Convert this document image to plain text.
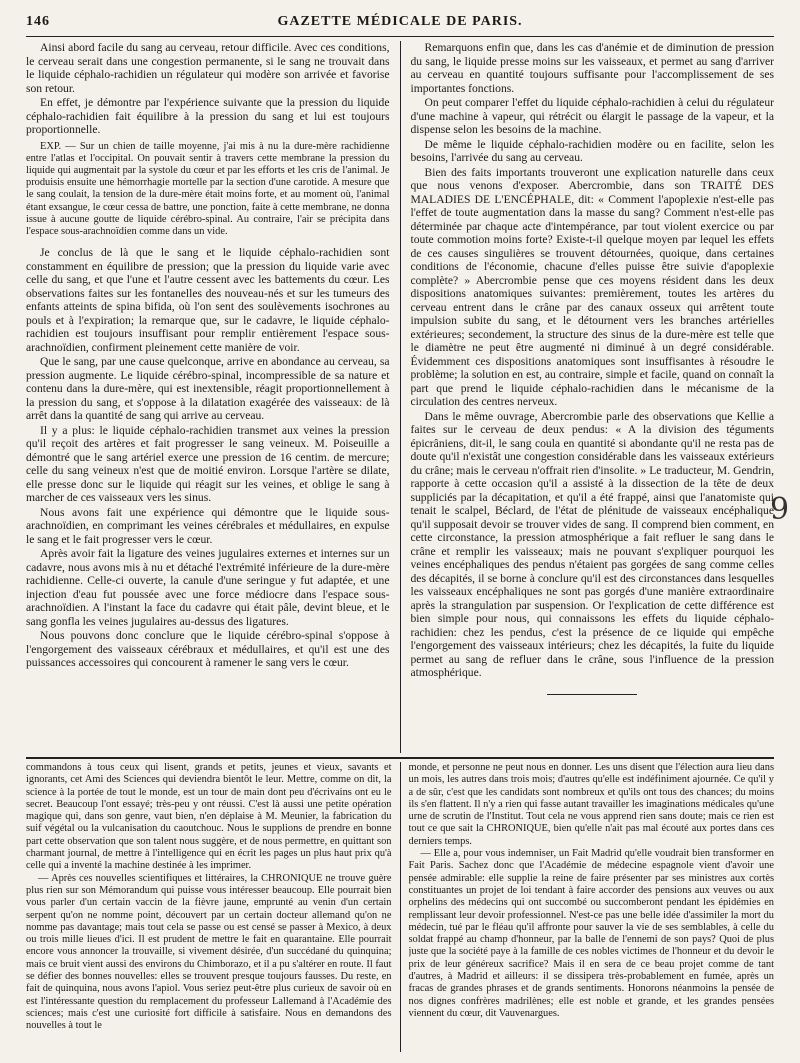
146	GAZETTE MÉDICALE DE PARIS.

Ainsi abord facile du sang au cerveau, retour difficile. Avec ces conditions, le cerveau serait dans une congestion permanente, si le sang ne trouvait dans le liquide céphalo-rachidien un régulateur qui modère son arrivée et favorise son retour.

En effet, je démontre par l'expérience suivante que la pression du liquide céphalo-rachidien fait équilibre à la pression du sang et lui est toujours proportionnelle.

EXP. — Sur un chien de taille moyenne, j'ai mis à nu la dure-mère rachidienne entre l'atlas et l'occipital. On pouvait sentir à travers cette membrane la pression du liquide qui augmentait par la systole du cœur et par les efforts et les cris de l'animal. Je produisis ensuite une hémorrhagie mortelle par la section d'une carotide. A mesure que le sang coulait, la tension de la dure-mère était moins forte, et au moment où, l'animal étant exsangue, le cœur cessa de battre, une ponction, faite à cette membrane, ne donna issue à aucune goutte de liquide cérébro-spinal. Au contraire, l'air se précipita dans l'espace sous-arachnoïdien comme dans un vide.

Je conclus de là que le sang et le liquide céphalo-rachidien sont constamment en équilibre de pression; que la pression du liquide varie avec celle du sang, et que l'une et l'autre cessent avec les battements du cœur. Les observations faites sur les fontanelles des nouveau-nés et sur les tumeurs des enfants atteints de spina bifida, où l'on sent des soulèvements isochrones au pouls et à l'expiration; la remarque que, sur le cadavre, le liquide céphalo-rachidien est toujours insuffisant pour remplir entièrement l'espace sous-arachnoïdien, confirment pleinement cette manière de voir.

Que le sang, par une cause quelconque, arrive en abondance au cerveau, sa pression augmente. Le liquide cérébro-spinal, incompressible de sa nature et contenu dans la dure-mère, qui est inextensible, réagit proportionnellement à la pression du sang, et s'oppose à la dilatation exagérée des vaisseaux: de là arrêt dans la quantité de sang qui arrive au cerveau.

Il y a plus: le liquide céphalo-rachidien transmet aux veines la pression qu'il reçoit des artères et fait progresser le sang veineux. M. Poiseuille a démontré que le sang artériel exerce une pression de 16 centim. de mercure; celle du sang veineux n'est que de moitié environ. Lorsque l'artère se dilate, elle presse donc sur le liquide qui réagit sur les veines, et oblige le sang à marcher de ces vaisseaux vers les sinus.

Nous avons fait une expérience qui démontre que le liquide sous-arachnoïdien, en comprimant les veines cérébrales et médullaires, en expulse le sang et le fait progresser vers le cœur.

Après avoir fait la ligature des veines jugulaires externes et internes sur un cadavre, nous avons mis à nu et détaché l'extrémité inférieure de la dure-mère rachidienne. Celle-ci ouverte, la canule d'une seringue y fut adaptée, et une injection d'eau fut poussée avec une force médiocre dans l'espace sous-arachnoïdien. A l'instant la face du cadavre qui était pâle, devint bleue, et le sang gonfla les veines jugulaires au-dessus des ligatures.

Nous pouvons donc conclure que le liquide cérébro-spinal s'oppose à l'engorgement des vaisseaux cérébraux et médullaires, et qu'il est une des puissances accessoires qui concourent à ramener le sang vers le cœur.

Remarquons enfin que, dans les cas d'anémie et de diminution de pression du sang, le liquide presse moins sur les vaisseaux, et permet au sang d'arriver au cerveau en quantité toujours suffisante pour l'accomplissement de ses importantes fonctions.

On peut comparer l'effet du liquide céphalo-rachidien à celui du régulateur d'une machine à vapeur, qui rétrécit ou élargit le passage de la vapeur, et la dispense selon les besoins de la machine.

De même le liquide céphalo-rachidien modère ou en facilite, selon les besoins, l'arrivée du sang au cerveau.

Bien des faits importants trouveront une explication naturelle dans ceux que nous venons d'exposer. Abercrombie, dans son TRAITÉ DES MALADIES DE L'ENCÉPHALE, dit: « Comment l'apoplexie n'est-elle pas l'effet de toute augmentation dans la masse du sang? Comment n'est-elle pas déterminée par chaque acte d'intempérance, par tout violent exercice ou par toute commotion moins forte? Existe-t-il quelque moyen par lequel les effets de ces causes singulières se trouvent détournées, quoique, dans certaines conditions de l'économie, chacune d'elles puisse être suivie d'apoplexie complète? » Abercrombie pense que ces moyens résident dans les deux dispositions anatomiques suivantes: premièrement, toutes les artères du cerveau entrent dans le crâne par des canaux osseux qui arrêtent toute impulsion subite du sang, et le détournent vers les branches artérielles extérieures; secondement, la structure des sinus de la dure-mère est telle que le diamètre ne peut être augmenté ni diminué à un degré considérable. Évidemment ces dispositions anatomiques sont insuffisantes à résoudre le problème; la solution en est, au contraire, simple et facile, quand on connaît la part que prend le liquide céphalo-rachidien dans le mécanisme de la circulation des centres nerveux.

Dans le même ouvrage, Abercrombie parle des observations que Kellie a faites sur le cerveau de deux pendus: « A la division des téguments épicrâniens, dit-il, le sang coula en quantité si abondante qu'il ne resta pas de doute qu'il n'existât une congestion considérable dans les vaisseaux extérieurs du crâne; mais le cerveau n'offrait rien d'insolite. » Le traducteur, M. Gendrin, rapporte à cette occasion qu'il a assisté à la dissection de la tête de deux suppliciés par la décapitation, et qu'il a été frappé, ainsi que l'anatomiste qui tenait le scalpel, Béclard, de l'état de plénitude de vaisseaux encéphalique qu'il supposait devoir se trouver vides de sang. Il comprend bien comment, en cette circonstance, la pression atmosphérique a fait refluer le sang dans le crâne et remplir les vaisseaux; mais ne pouvant s'expliquer pourquoi les veines encéphaliques des pendus n'étaient pas gorgées de sang comme celles des décapités, il se borne à conclure qu'il est des circonstances dans lesquelles les vaisseaux encéphaliques ne sont pas gorgés d'une manière extraordinaire après la strangulation par suspension. Or l'explication de cette différence est bien simple pour nous, qui connaissons les effets du liquide céphalo-rachidien: chez les pendus, c'est la présence de ce liquide qui empêche l'engorgement des vaisseaux intérieurs; chez les décapités, la fuite du liquide permet au sang de refluer dans le crâne, sous l'influence de la pression atmosphérique.

9

commandons à tous ceux qui lisent, grands et petits, jeunes et vieux, savants et ignorants, cet Ami des Sciences qui deviendra bientôt le leur. Mettre, comme on dit, la science à la portée de tout le monde, est un tour de main dont peu d'écrivains ont eu le secret. Beaucoup l'ont essayé; très-peu y ont réussi. C'est là aussi une petite opération magique qui, dans son genre, vaut bien, n'en déplaise à M. Meunier, la fabrication du suif végétal ou la vulcanisation du caoutchouc. Nous le supplions de prendre en bonne part cette observation que son talent nous suggère, et de nous permettre, en quittant son charmant journal, de mettre à l'intelligence qui en écrit les pages un plus haut prix qu'à celle qui a inventé la machine destinée à les imprimer.

— Après ces nouvelles scientifiques et littéraires, la CHRONIQUE ne trouve guère plus rien sur son Mémorandum qui puisse vous intéresser beaucoup. Elle pourrait bien vous parler d'un certain vaccin de la fièvre jaune, emprunté au venin d'un certain serpent qu'on ne nomme point, découvert par un certain docteur allemand qu'on ne nomme pas davantage; mais tout cela se passe ou est censé se passer à Mexico, à deux ou trois mille lieues d'ici. Il est prudent de mettre le fait en quarantaine. Elle pourrait encore vous annoncer la trouvaille, si vivement désirée, d'un succédané du quinquina; mais ce bruit vient aussi des environs du Chimborazo, et il a pu s'altérer en route. Il faut se défier des bonnes nouvelles: elles se trouvent presque toujours fausses. Du reste, en fait de quinquina, nous avons l'apiol. Vous seriez peut-être plus curieux de savoir où en est l'intéressante question du remplacement du professeur Lallemand à l'Académie des sciences; mais c'est une curiosité fort difficile à satisfaire. Nous en demandons des nouvelles à tout le

monde, et personne ne peut nous en donner. Les uns disent que l'élection aura lieu dans un mois, les autres dans trois mois; d'autres qu'elle est indéfiniment ajournée. Ce qu'il y a de sûr, c'est que les candidats sont nombreux et qu'ils ont tous des chances; du moins ils s'en flattent. Il n'y a rien qui fasse autant travailler les imaginations médicales qu'une urne de scrutin de l'Institut. Tout cela ne vous apprend rien sans doute; mais ce rien est tout ce que sait la CHRONIQUE, bien qu'elle n'ait pas mal écouté aux portes dans ces derniers temps.

— Elle a, pour vous indemniser, un Fait Madrid qu'elle voudrait bien transformer en Fait Paris. Sachez donc que l'Académie de médecine espagnole vient d'avoir une pensée admirable: elle supplie la reine de faire présenter par ses ministres aux cortès constituantes un projet de loi tendant à faire accorder des pensions aux veuves ou aux orphelins des médecins qui ont succombé ou succomberont pendant les épidémies en remplissant leur devoir professionnel. N'est-ce pas une belle idée d'assimiler la mort du médecin, tué par le fléau qu'il affronte pour sauver la vie de ses semblables, à celle du soldat frappé au champ d'honneur, par la balle de l'ennemi de son pays? Quoi de plus juste que la société paye à la famille de ces nobles victimes de l'honneur et du devoir le prix de leur généreux sacrifice? Mais il en sera de ce beau projet comme de tant d'autres, à Madrid et ailleurs: il se dissipera très-probablement en fumée, après un fracas de grandes phrases et de grands sentiments. Honorons néanmoins la pensée de nos dignes confrères madrilènes; elle est noble et grande, et les grandes pensées viennent du cœur, dit Vauvenargues.
